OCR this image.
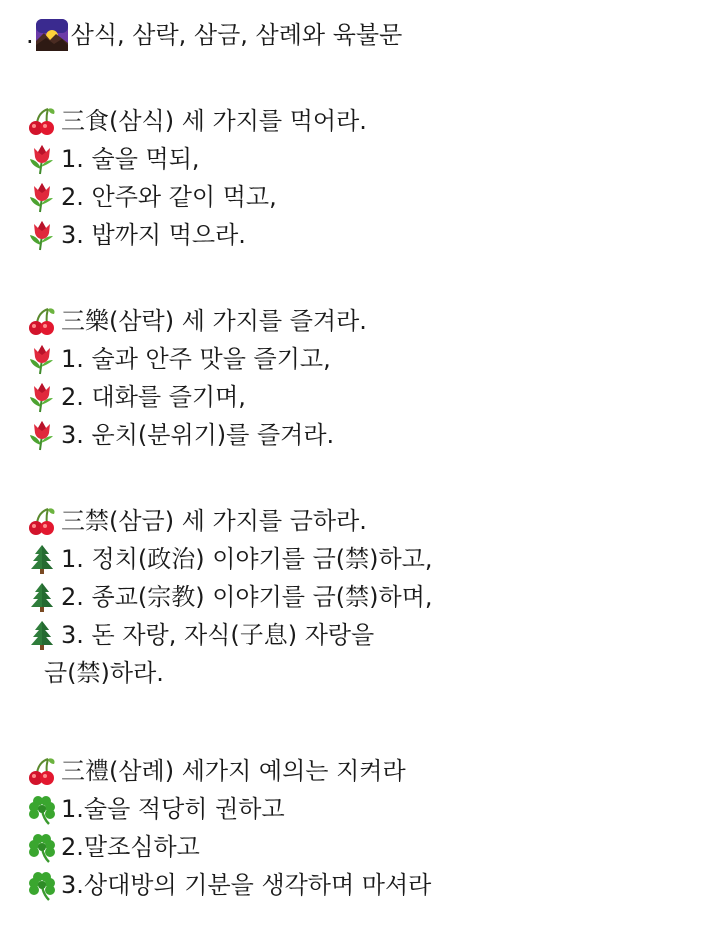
. 삼식, 삼락, 삼금, 삼례와 육불문
三食(삼식) 세 가지를 먹어라.
1. 술을 먹되,
2. 안주와 같이 먹고,
3. 밥까지 먹으라.
三樂(삼락) 세 가지를 즐겨라.
1. 술과 안주 맛을 즐기고,
2. 대화를 즐기며,
3. 운치(분위기)를 즐겨라.
三禁(삼금) 세 가지를 금하라.
1. 정치(政治) 이야기를 금(禁)하고,
2. 종교(宗教) 이야기를 금(禁)하며,
3. 돈 자랑, 자식(子息) 자랑을
금(禁)하라.
三禮(삼례) 세가지 예의는 지켜라
1.술을 적당히 권하고
2.말조심하고
3.상대방의 기분을 생각하며 마셔라
